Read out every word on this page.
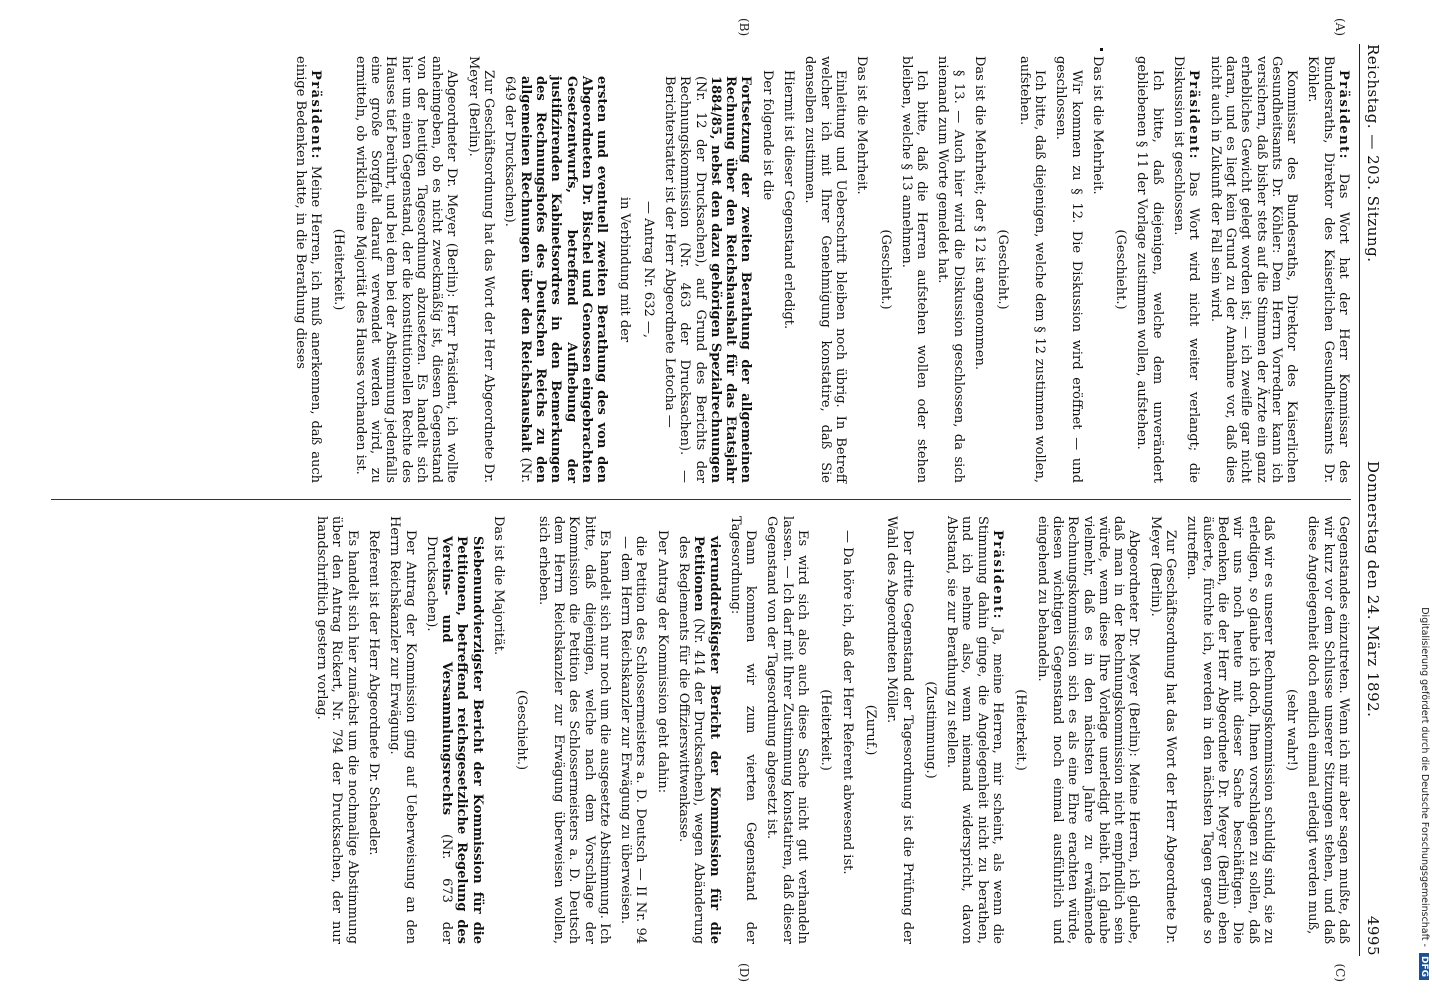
Digitalisierung gefördert durch die Deutsche Forschungsgemeinschaft -DFG
Reichstag. — 203. Sitzung.
Donnerstag den 24. März 1892.
4995
(A)
(B)

Präsident: Das Wort hat der Herr Kommissar des Bundesraths, Direktor des Kaiserlichen Gesundheitsamts Dr. Köhler.

Kommissar des Bundesraths, Direktor des Kaiserlichen Gesundheitsamts Dr. Köhler: Dem Herrn Vorredner kann ich versichern, daß bisher stets auf die Stimmen der Ärzte ein ganz erhebliches Gewicht gelegt worden ist; — ich zweifle gar nicht daran, und es liegt kein Grund zu der Annahme vor, daß dies nicht auch in Zukunft der Fall sein wird.

Präsident: Das Wort wird nicht weiter verlangt; die Diskussion ist geschlossen.

Ich bitte, daß diejenigen, welche dem unverändert gebliebenen § 11 der Vorlage zustimmen wollen, aufstehen.

(Geschieht.)

Das ist die Mehrheit.

Wir kommen zu § 12. Die Diskussion wird eröffnet — und geschlossen.

Ich bitte, daß diejenigen, welche dem § 12 zustimmen wollen, aufstehen.

(Geschieht.)

Das ist die Mehrheit; der § 12 ist angenommen.

§ 13. — Auch hier wird die Diskussion geschlossen, da sich niemand zum Worte gemeldet hat.

Ich bitte, daß die Herren aufstehen wollen oder stehen bleiben, welche § 13 annehmen.

(Geschieht.)

Das ist die Mehrheit.

Einleitung und Ueberschrift bleiben noch übrig. In Betreff welcher ich mit Ihrer Genehmigung konstatire, daß Sie denselben zustimmen.

Hiermit ist dieser Gegenstand erledigt.

Der folgende ist die

Fortsetzung der zweiten Berathung der allgemeinen Rechnung über den Reichshaushalt für das Etatsjahr 1884/85, nebst den dazu gehörigen Spezialrechnungen (Nr. 12 der Drucksachen), auf Grund des Berichts der Rechnungskommission (Nr. 463 der Drucksachen). — Berichterstatter ist der Herr Abgeordnete Letocha —

— Antrag Nr. 632 —,

in Verbindung mit der

ersten und eventuell zweiten Berathung des von den Abgeordneten Dr. Bischel und Genossen eingebrachten Gesetzentwurfs, betreffend Aufhebung der justifizirenden Kabinetsordres in den Bemerkungen des Rechnungshofes des Deutschen Reichs zu den allgemeinen Rechnungen über den Reichshaushalt (Nr. 649 der Drucksachen).

Zur Geschäftsordnung hat das Wort der Herr Abgeordnete Dr. Meyer (Berlin).

Abgeordneter Dr. Meyer (Berlin): Herr Präsident, ich wollte anheimgeben, ob es nicht zweckmäßig ist, diesen Gegenstand von der heutigen Tagesordnung abzusetzen. Es handelt sich hier um einen Gegenstand, der die konstitutionellen Rechte des Hauses tief berührt, und bei dem bei der Abstimmung jedenfalls eine große Sorgfalt darauf verwendet werden wird, zu ermitteln, ob wirklich eine Majorität des Hauses vorhanden ist.

(Heiterkeit.)

Präsident: Meine Herren, ich muß anerkennen, daß auch einige Bedenken hatte, in die Berathung dieses

(C)
(D)

Gegenstandes einzutreten. Wenn ich mir aber sagen mußte, daß wir kurz vor dem Schlusse unserer Sitzungen stehen, und daß diese Angelegenheit doch endlich einmal erledigt werden muß,

(sehr wahr!)

daß wir es unserer Rechnungskommission schuldig sind, sie zu erledigen, so glaube ich doch, Ihnen vorschlagen zu sollen, daß wir uns noch heute mit dieser Sache beschäftigen. Die Bedenken, die der Herr Abgeordnete Dr. Meyer (Berlin) eben äußerte, fürchte ich, werden in den nächsten Tagen gerade so zutreffen.

Zur Geschäftsordnung hat das Wort der Herr Abgeordnete Dr. Meyer (Berlin).

Abgeordneter Dr. Meyer (Berlin): Meine Herren, ich glaube, daß man in der Rechnungskommission nicht empfindlich sein würde, wenn diese Ihre Vorlage unerledigt bleibt. Ich glaube vielmehr, daß es in den nächsten Jahre zu erwähnende Rechnungskommission sich es als eine Ehre erachten würde, diesen wichtigen Gegenstand noch einmal ausführlich und eingehend zu behandeln.

(Heiterkeit.)

Präsident: Ja, meine Herren, mir scheint, als wenn die Stimmung dahin ginge, die Angelegenheit nicht zu berathen, und ich nehme also, wenn niemand widerspricht, davon Abstand, sie zur Berathung zu stellen.

(Zustimmung.)

Der dritte Gegenstand der Tagesordnung ist die Prüfung der Wahl des Abgeordneten Möller.

(Zuruf.)

— Da höre ich, daß der Herr Referent abwesend ist.

(Heiterkeit.)

Es wird sich also auch diese Sache nicht gut verhandeln lassen. — Ich darf mit Ihrer Zustimmung konstatiren, daß dieser Gegenstand von der Tagesordnung abgesetzt ist.

Dann kommen wir zum vierten Gegenstand der Tagesordnung:

vierunddreißigster Bericht der Kommission für die Petitionen (Nr. 414 der Drucksachen), wegen Abänderung des Reglements für die Offizierswittwenkasse.

Der Antrag der Kommission geht dahin:

die Petition des Schlossermeisters a. D. Deutsch — II Nr. 94 — dem Herrn Reichskanzler zur Erwägung zu überweisen.

Es handelt sich nur noch um die ausgesetzte Abstimmung. Ich bitte, daß diejenigen, welche nach dem Vorschlage der Kommission die Petition des Schlossermeisters a. D. Deutsch dem Herrn Reichskanzler zur Erwägung überweisen wollen, sich erheben.

(Geschieht.)

Das ist die Majorität.

Siebenundvierzigster Bericht der Kommission für die Petitionen, betreffend reichsgesetzliche Regelung des Vereins- und Versammlungsrechts (Nr. 673 der Drucksachen).

Der Antrag der Kommission ging auf Ueberweisung an den Herrn Reichskanzler zur Erwägung.

Referent ist der Herr Abgeordnete Dr. Schaedler.

Es handelt sich hier zunächst um die nochmalige Abstimmung über den Antrag Rickert, Nr. 794 der Drucksachen, der nur handschriftlich gestern vorlag.
